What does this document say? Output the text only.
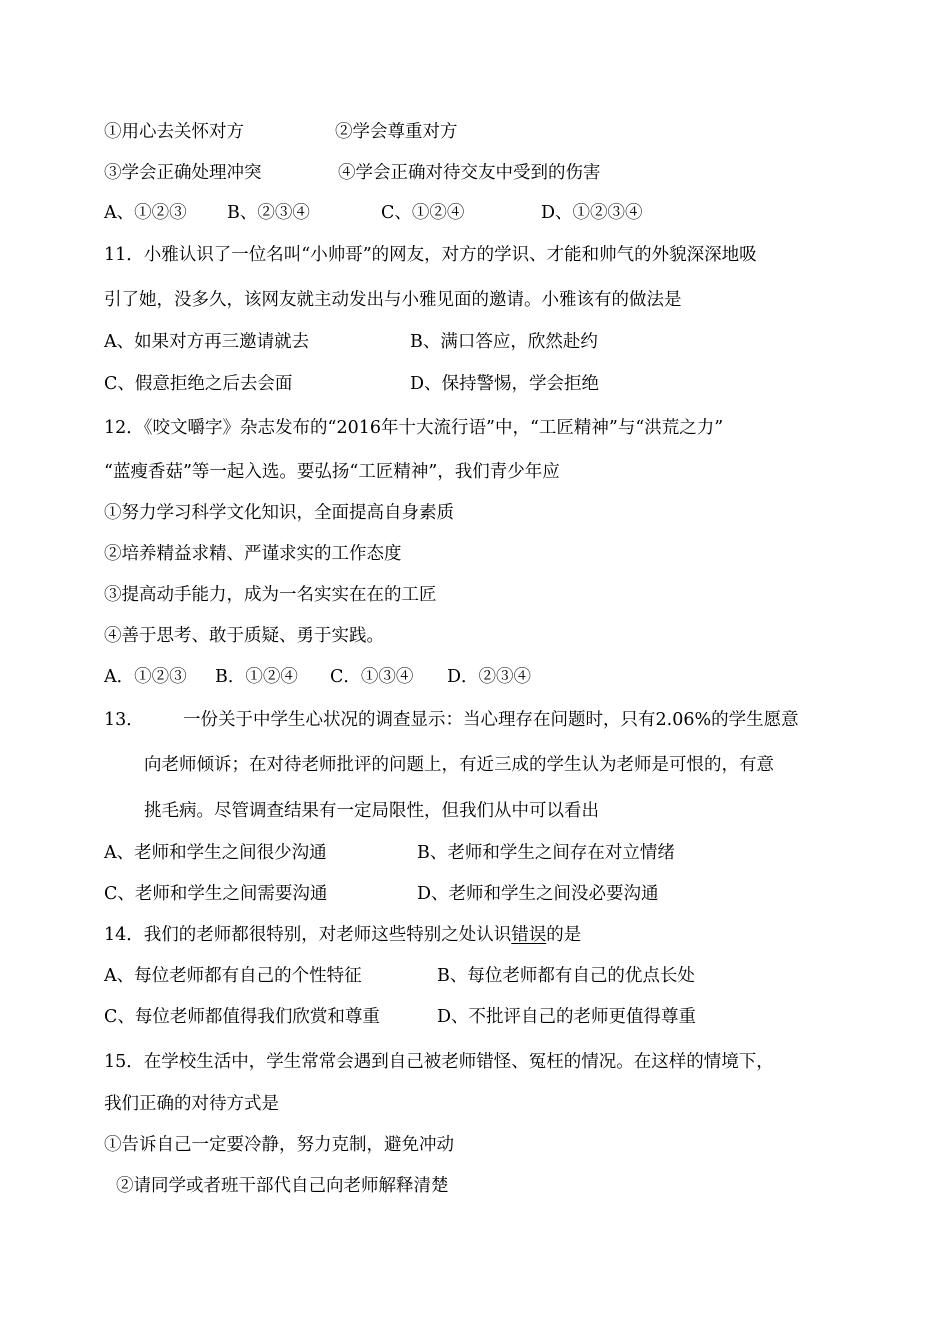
①用心去关怀对方	②学会尊重对方
③学会正确处理冲突	④学会正确对待交友中受到的伤害
A、①②③ B、②③④	C、①②④	D、①②③④
11．小雅认识了一位名叫“小帅哥”的网友，对方的学识、才能和帅气的外貌深深地吸
引了她，没多久，该网友就主动发出与小雅见面的邀请。小雅该有的做法是
A、如果对方再三邀请就去	B、满口答应，欣然赴约
C、假意拒绝之后去会面	D、保持警惕，学会拒绝
12．《咬文嚼字》杂志发布的“2016年十大流行语”中，“工匠精神”与“洪荒之力”
“蓝瘦香菇”等一起入选。要弘扬“工匠精神”，我们青少年应
①努力学习科学文化知识，全面提高自身素质
②培养精益求精、严谨求实的工作态度
③提高动手能力，成为一名实实在在的工匠
④善于思考、敢于质疑、勇于实践。
A．①②③ B．①②④ C．①③④ D．②③④
13． 一份关于中学生心状况的调查显示：当心理存在问题时，只有2.06%的学生愿意
向老师倾诉；在对待老师批评的问题上，有近三成的学生认为老师是可恨的，有意
挑毛病。尽管调查结果有一定局限性，但我们从中可以看出
A、老师和学生之间很少沟通	B、老师和学生之间存在对立情绪
C、老师和学生之间需要沟通	D、老师和学生之间没必要沟通
14．我们的老师都很特别，对老师这些特别之处认识错误的是
A、每位老师都有自己的个性特征	B、每位老师都有自己的优点长处
C、每位老师都值得我们欣赏和尊重	D、不批评自己的老师更值得尊重
15．在学校生活中，学生常常会遇到自己被老师错怪、冤枉的情况。在这样的情境下，
我们正确的对待方式是
①告诉自己一定要冷静，努力克制，避免冲动
②请同学或者班干部代自己向老师解释清楚
